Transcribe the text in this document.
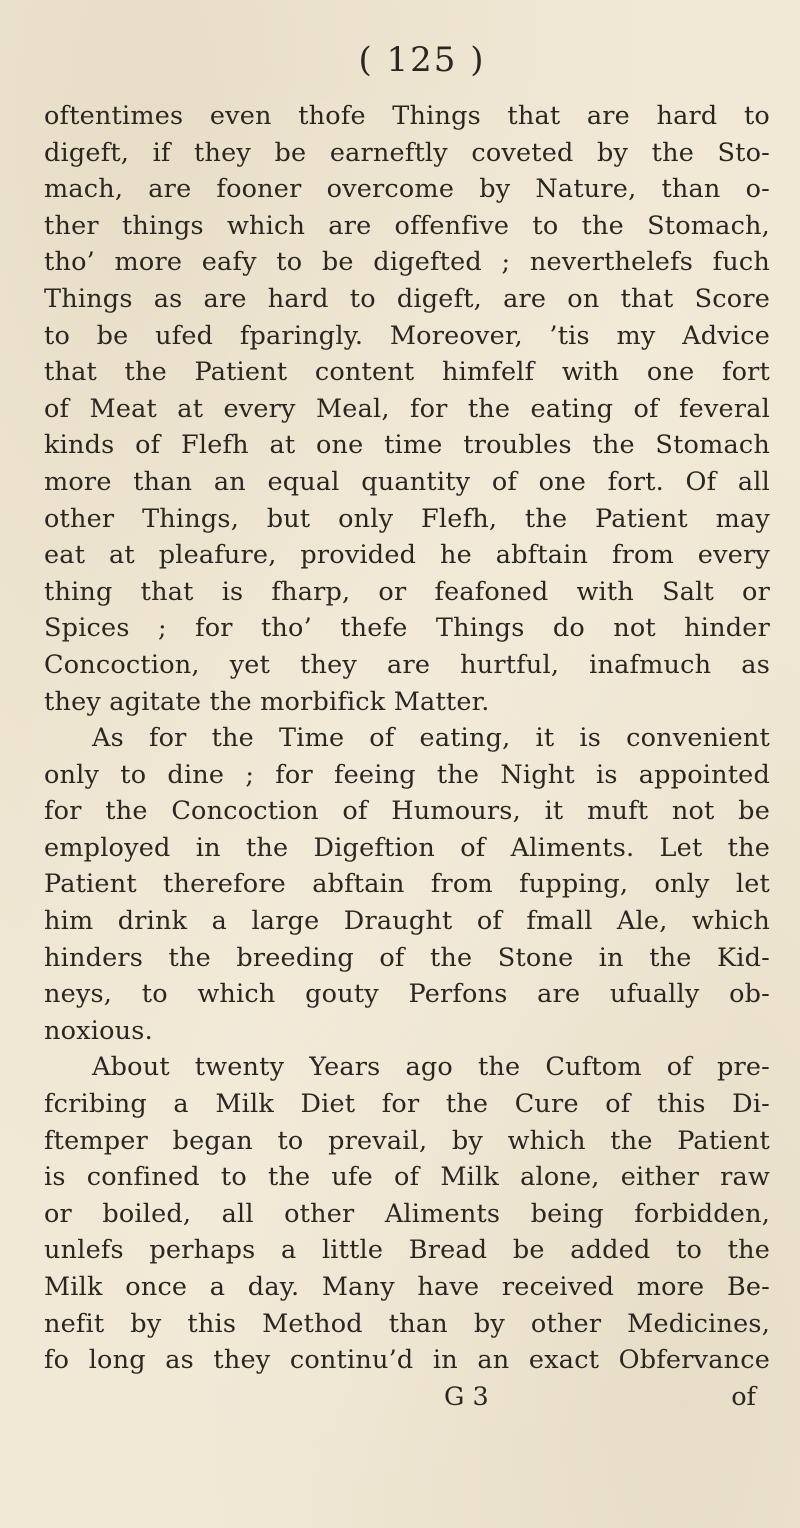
( 125 )
oftentimes even thofe Things that are hard to
digeft, if they be earneftly coveted by the Sto-
mach, are fooner overcome by Nature, than o-
ther things which are offenfive to the Stomach,
tho’ more eafy to be digefted ; neverthelefs fuch
Things as are hard to digeft, are on that Score
to be ufed fparingly. Moreover, ’tis my Advice
that the Patient content himfelf with one fort
of Meat at every Meal, for the eating of feveral
kinds of Flefh at one time troubles the Stomach
more than an equal quantity of one fort. Of all
other Things, but only Flefh, the Patient may
eat at pleafure, provided he abftain from every
thing that is fharp, or feafoned with Salt or
Spices ; for tho’ thefe Things do not hinder
Concoction, yet they are hurtful, inafmuch as
they agitate the morbifick Matter.
As for the Time of eating, it is convenient
only to dine ; for feeing the Night is appointed
for the Concoction of Humours, it muft not be
employed in the Digeftion of Aliments. Let the
Patient therefore abftain from fupping, only let
him drink a large Draught of fmall Ale, which
hinders the breeding of the Stone in the Kid-
neys, to which gouty Perfons are ufually ob-
noxious.
About twenty Years ago the Cuftom of pre-
fcribing a Milk Diet for the Cure of this Di-
ftemper began to prevail, by which the Patient
is confined to the ufe of Milk alone, either raw
or boiled, all other Aliments being forbidden,
unlefs perhaps a little Bread be added to the
Milk once a day. Many have received more Be-
nefit by this Method than by other Medicines,
fo long as they continu’d in an exact Obfervance
G 3	of
